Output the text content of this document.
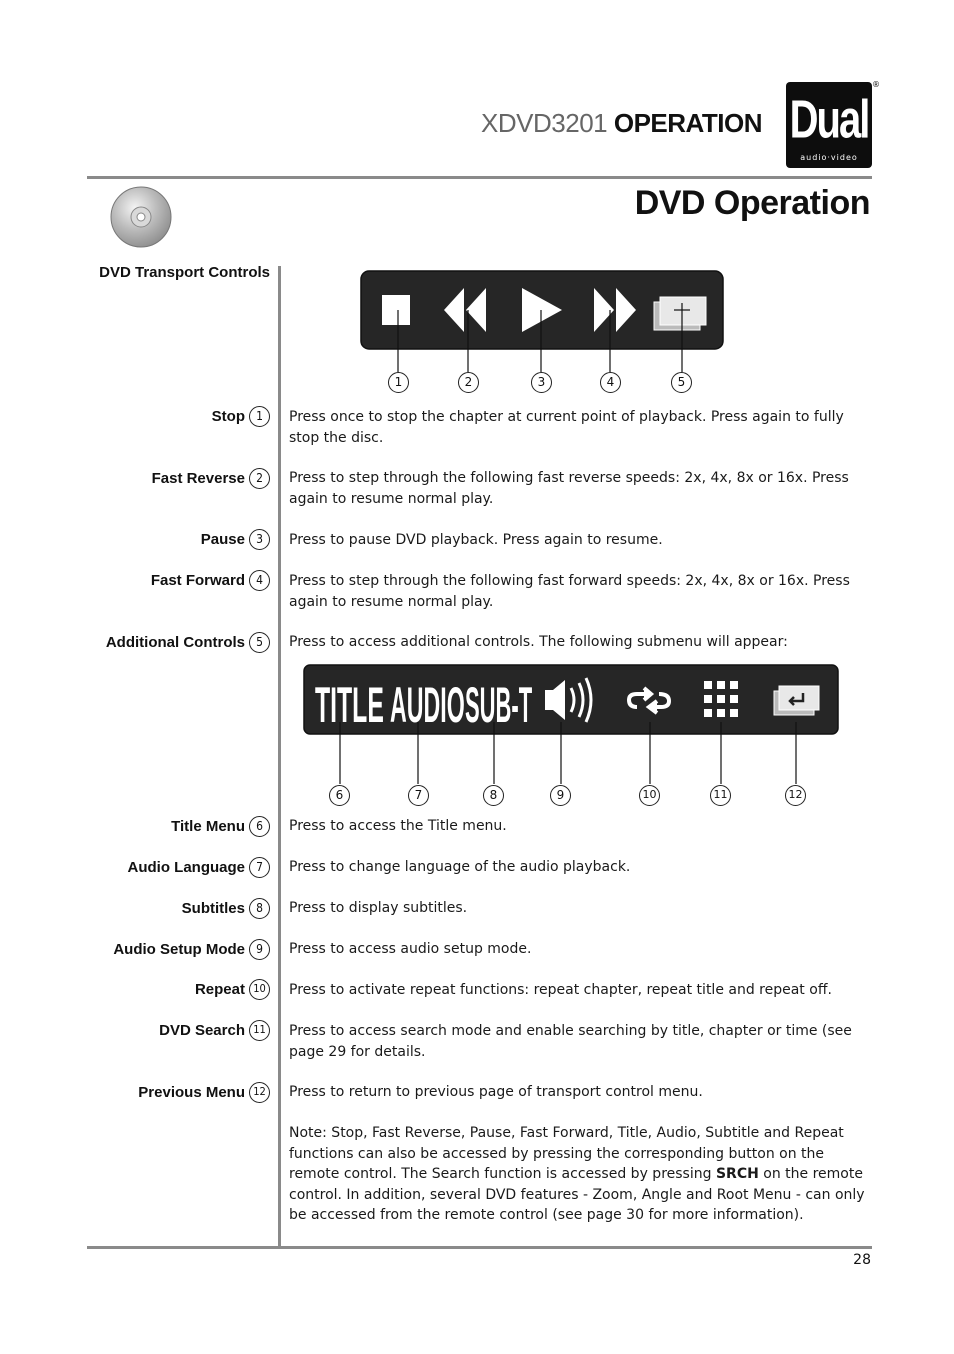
XDVD3201 OPERATION Dual
audio·video
®
DVD Operation
DVD Transport Controls
1	2	3	4	5
Stop 1	Press once to stop the chapter at current point of playback. Press again to fully stop the disc.
Fast Reverse 2	Press to step through the following fast reverse speeds: 2x, 4x, 8x or 16x. Press again to resume normal play.
Pause 3	Press to pause DVD playback. Press again to resume.
Fast Forward 4	Press to step through the following fast forward speeds: 2x, 4x, 8x or 16x. Press again to resume normal play.
Additional Controls 5	Press to access additional controls. The following submenu will appear:
TITLE AUDIO SUB-T
6	7	8	9	10	11	12
Title Menu 6	Press to access the Title menu.
Audio Language 7	Press to change language of the audio playback.
Subtitles 8	Press to display subtitles.
Audio Setup Mode 9	Press to access audio setup mode.
Repeat 10	Press to activate repeat functions: repeat chapter, repeat title and repeat off.
DVD Search 11	Press to access search mode and enable searching by title, chapter or time (see page 29 for details.
Previous Menu 12	Press to return to previous page of transport control menu.
Note: Stop, Fast Reverse, Pause, Fast Forward, Title, Audio, Subtitle and Repeat functions can also be accessed by pressing the corresponding button on the remote control. The Search function is accessed by pressing SRCH on the remote control. In addition, several DVD features - Zoom, Angle and Root Menu - can only be accessed from the remote control (see page 30 for more information).
28
